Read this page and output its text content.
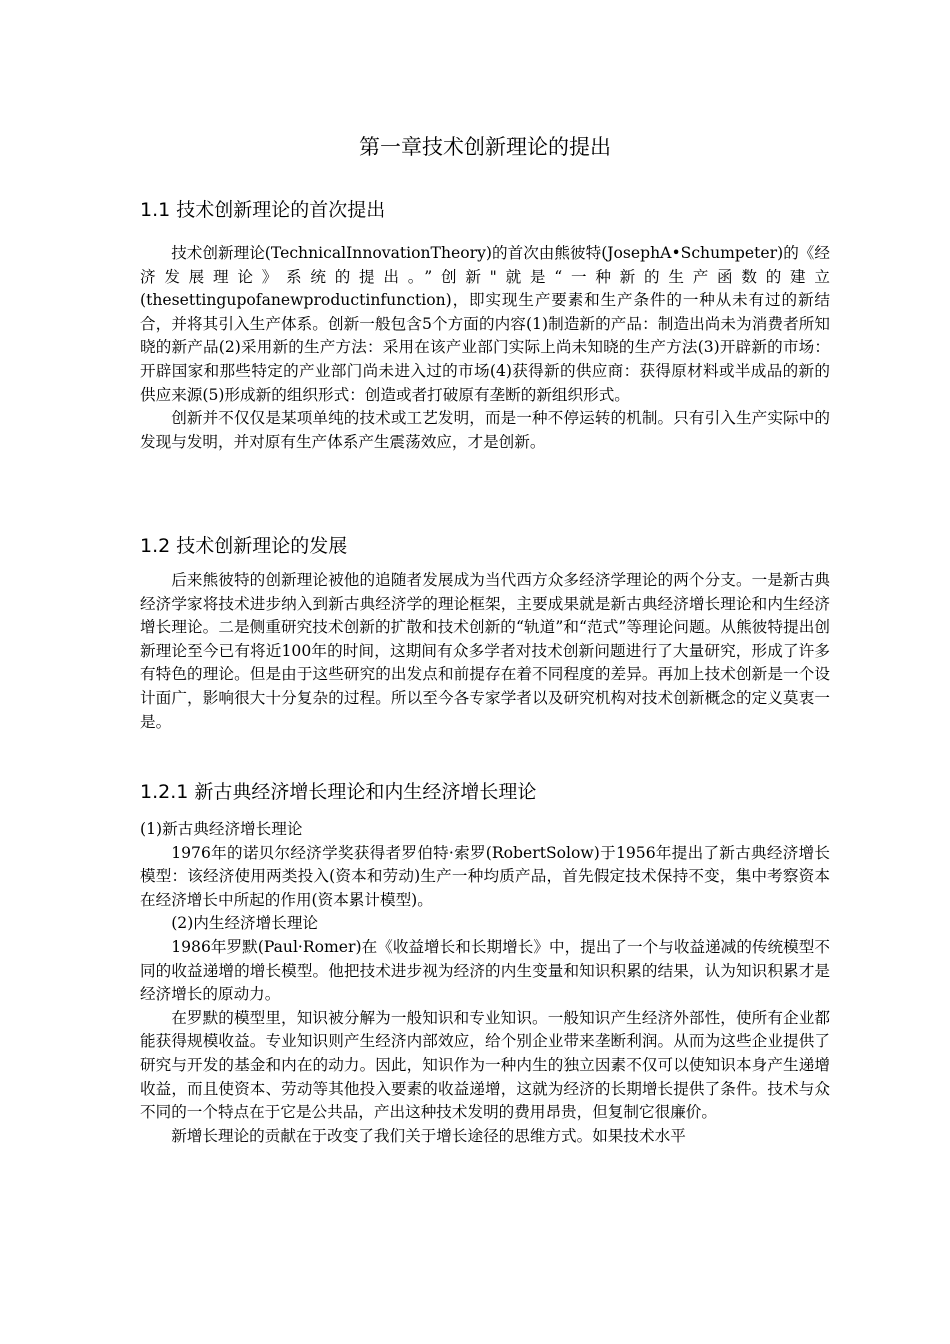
第一章技术创新理论的提出
1.1 技术创新理论的首次提出

技术创新理论(TechnicalInnovationTheory)的首次由熊彼特(JosephA•Schumpeter)的《经济发展理论》系统的提出。”创新"就是“一种新的生产函数的建立(thesettingupofanewproductinfunction)，即实现生产要素和生产条件的一种从未有过的新结合，并将其引入生产体系。创新一般包含5个方面的内容(1)制造新的产品：制造出尚未为消费者所知晓的新产品(2)采用新的生产方法：采用在该产业部门实际上尚未知晓的生产方法(3)开辟新的市场：开辟国家和那些特定的产业部门尚未进入过的市场(4)获得新的供应商：获得原材料或半成品的新的供应来源(5)形成新的组织形式：创造或者打破原有垄断的新组织形式。

创新并不仅仅是某项单纯的技术或工艺发明，而是一种不停运转的机制。只有引入生产实际中的发现与发明，并对原有生产体系产生震荡效应，才是创新。

1.2 技术创新理论的发展

后来熊彼特的创新理论被他的追随者发展成为当代西方众多经济学理论的两个分支。一是新古典经济学家将技术进步纳入到新古典经济学的理论框架，主要成果就是新古典经济增长理论和内生经济增长理论。二是侧重研究技术创新的扩散和技术创新的“轨道”和“范式”等理论问题。从熊彼特提出创新理论至今已有将近100年的时间，这期间有众多学者对技术创新问题进行了大量研究，形成了许多有特色的理论。但是由于这些研究的出发点和前提存在着不同程度的差异。再加上技术创新是一个设计面广，影响很大十分复杂的过程。所以至今各专家学者以及研究机构对技术创新概念的定义莫衷一是。

1.2.1 新古典经济增长理论和内生经济增长理论

(1)新古典经济增长理论

1976年的诺贝尔经济学奖获得者罗伯特·索罗(RobertSolow)于1956年提出了新古典经济增长模型：该经济使用两类投入(资本和劳动)生产一种均质产品，首先假定技术保持不变，集中考察资本在经济增长中所起的作用(资本累计模型)。

(2)内生经济增长理论

1986年罗默(Paul·Romer)在《收益增长和长期增长》中，提出了一个与收益递减的传统模型不同的收益递增的增长模型。他把技术进步视为经济的内生变量和知识积累的结果，认为知识积累才是经济增长的原动力。

在罗默的模型里，知识被分解为一般知识和专业知识。一般知识产生经济外部性，使所有企业都能获得规模收益。专业知识则产生经济内部效应，给个别企业带来垄断利润。从而为这些企业提供了研究与开发的基金和内在的动力。因此，知识作为一种内生的独立因素不仅可以使知识本身产生递增收益，而且使资本、劳动等其他投入要素的收益递增，这就为经济的长期增长提供了条件。技术与众不同的一个特点在于它是公共品，产出这种技术发明的费用昂贵，但复制它很廉价。

新增长理论的贡献在于改变了我们关于增长途径的思维方式。如果技术水平
